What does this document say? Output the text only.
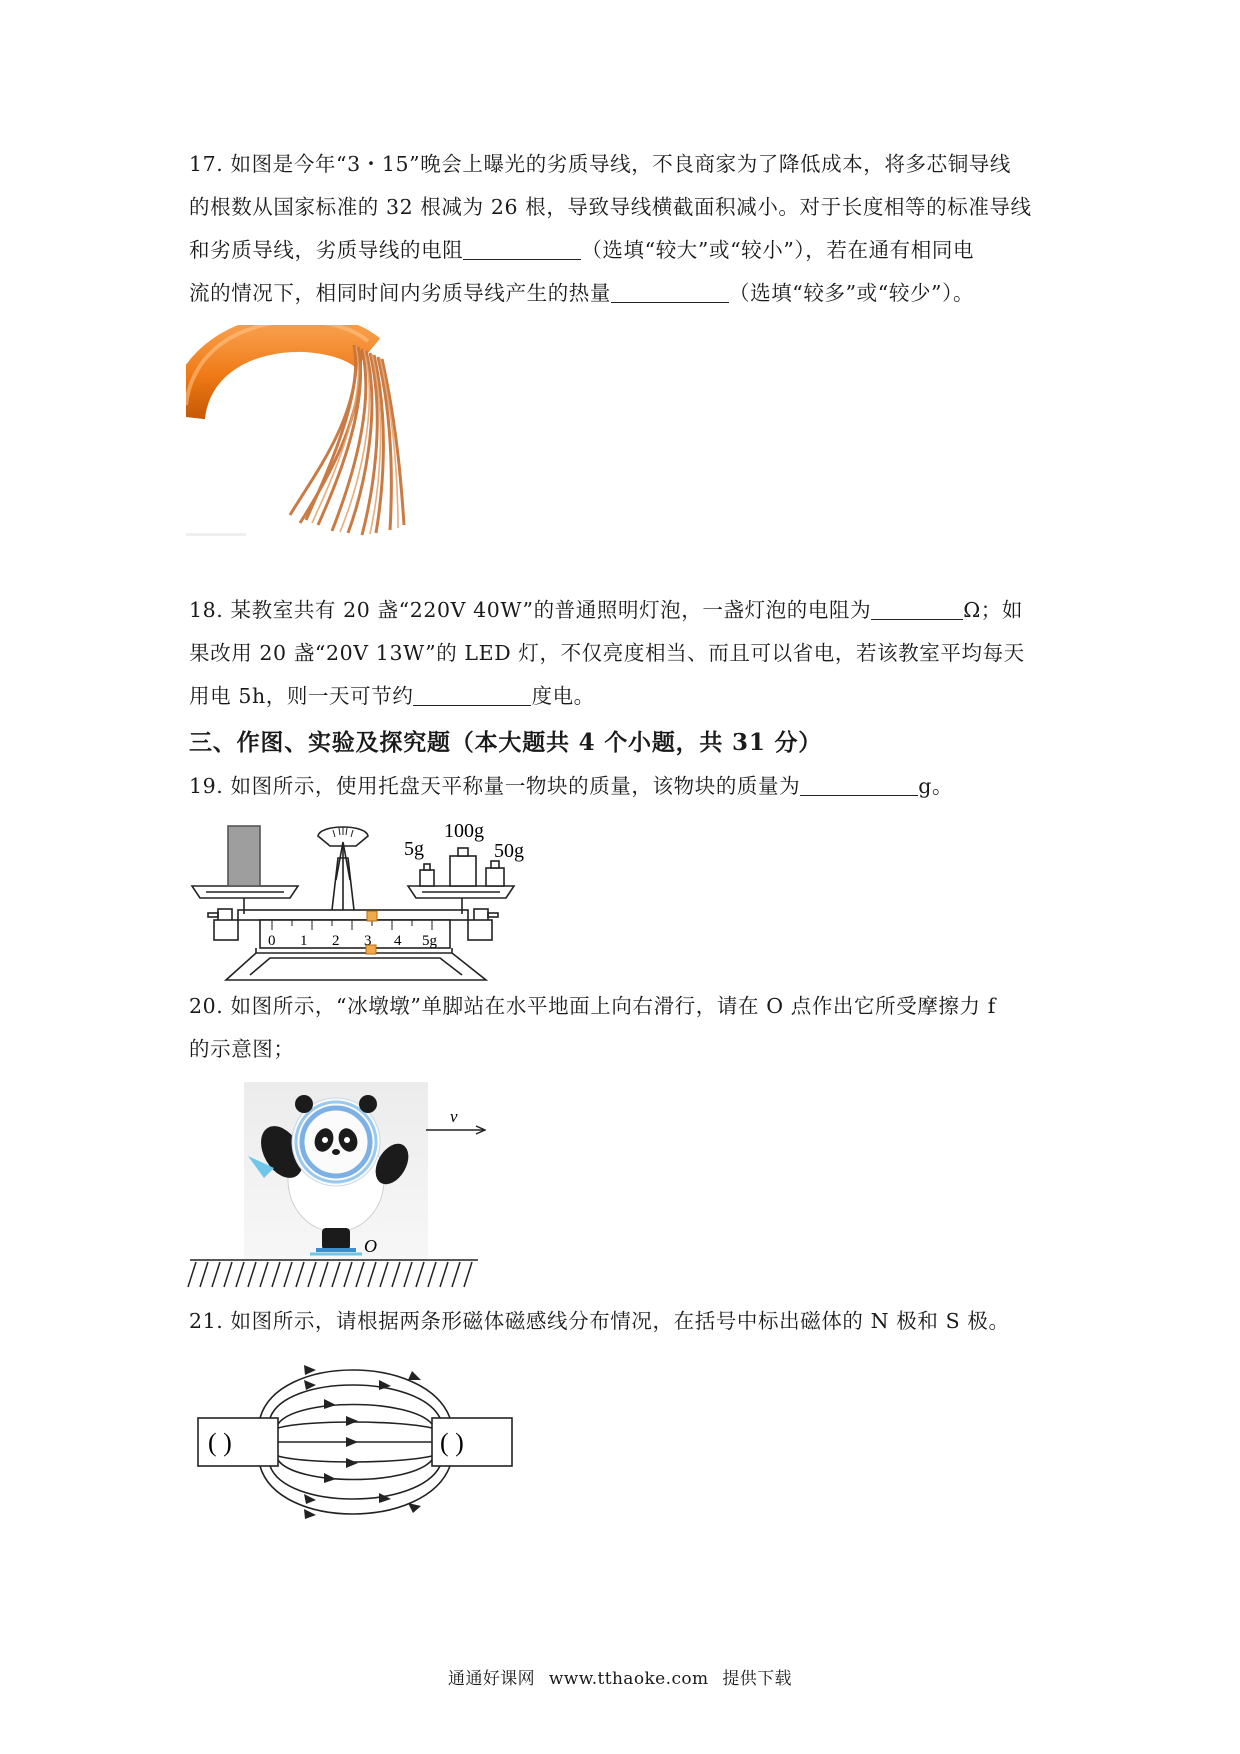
17. 如图是今年“3・15”晚会上曝光的劣质导线，不良商家为了降低成本，将多芯铜导线
的根数从国家标准的 32 根减为 26 根，导致导线横截面积减小。对于长度相等的标准导线
和劣质导线，劣质导线的电阻	（选填“较大”或“较小”），若在通有相同电
流的情况下，相同时间内劣质导线产生的热量	（选填“较多”或“较少”）。
18. 某教室共有 20 盏“220V 40W”的普通照明灯泡，一盏灯泡的电阻为	Ω；如
果改用 20 盏“20V 13W”的 LED 灯，不仅亮度相当、而且可以省电，若该教室平均每天
用电 5h，则一天可节约	度电。
三、作图、实验及探究题（本大题共 4 个小题，共 31 分）
19. 如图所示，使用托盘天平称量一物块的质量，该物块的质量为	g。
100g
5g	50g
0 1 2 3 4 5g
20. 如图所示，“冰墩墩”单脚站在水平地面上向右滑行，请在 O 点作出它所受摩擦力 f
的示意图；
v
O
21. 如图所示，请根据两条形磁体磁感线分布情况，在括号中标出磁体的 N 极和 S 极。
( )	( )
通通好课网 www.tthaoke.com 提供下载
